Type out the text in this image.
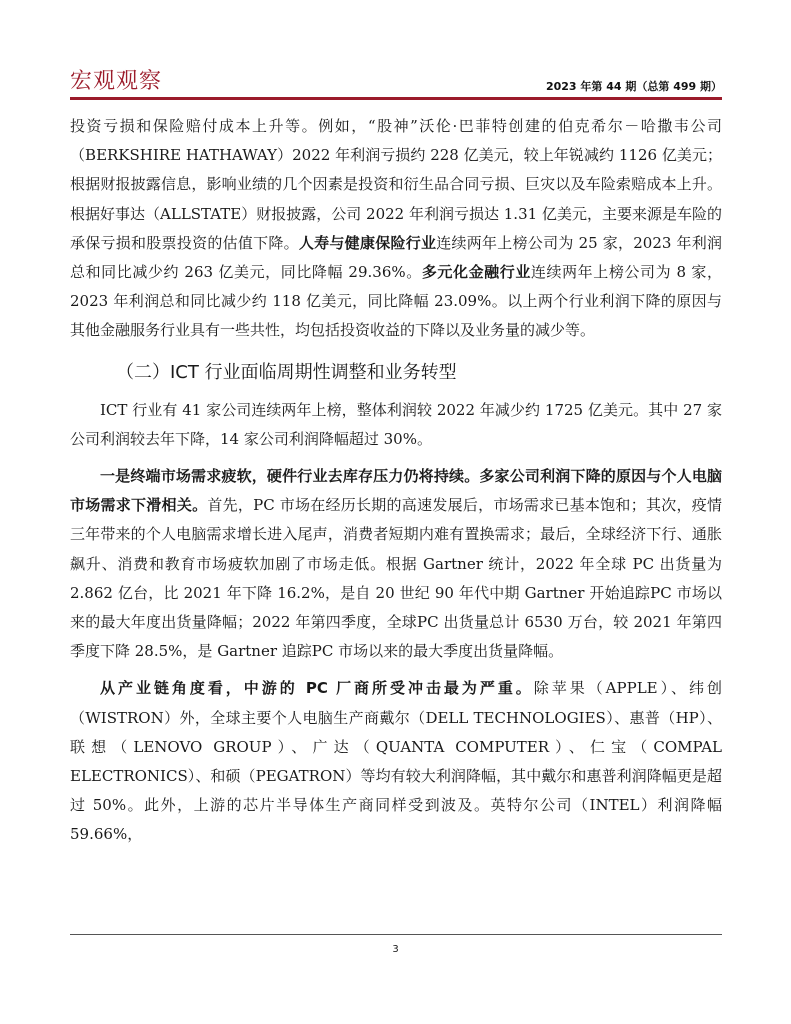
宏观观察	2023 年第 44 期（总第 499 期）

投资亏损和保险赔付成本上升等。例如，“股神”沃伦·巴菲特创建的伯克希尔－哈撒韦公司（BERKSHIRE HATHAWAY）2022 年利润亏损约 228 亿美元，较上年锐减约 1126 亿美元；根据财报披露信息，影响业绩的几个因素是投资和衍生品合同亏损、巨灾以及车险索赔成本上升。根据好事达（ALLSTATE）财报披露，公司 2022 年利润亏损达 1.31 亿美元，主要来源是车险的承保亏损和股票投资的估值下降。人寿与健康保险行业连续两年上榜公司为 25 家，2023 年利润总和同比减少约 263 亿美元，同比降幅 29.36%。多元化金融行业连续两年上榜公司为 8 家，2023 年利润总和同比减少约 118 亿美元，同比降幅 23.09%。以上两个行业利润下降的原因与其他金融服务行业具有一些共性，均包括投资收益的下降以及业务量的减少等。

（二）ICT 行业面临周期性调整和业务转型

ICT 行业有 41 家公司连续两年上榜，整体利润较 2022 年减少约 1725 亿美元。其中 27 家公司利润较去年下降，14 家公司利润降幅超过 30%。

一是终端市场需求疲软，硬件行业去库存压力仍将持续。多家公司利润下降的原因与个人电脑市场需求下滑相关。首先，PC 市场在经历长期的高速发展后，市场需求已基本饱和；其次，疫情三年带来的个人电脑需求增长进入尾声，消费者短期内难有置换需求；最后，全球经济下行、通胀飙升、消费和教育市场疲软加剧了市场走低。根据 Gartner 统计，2022 年全球 PC 出货量为 2.862 亿台，比 2021 年下降 16.2%，是自 20 世纪 90 年代中期 Gartner 开始追踪PC 市场以来的最大年度出货量降幅；2022 年第四季度，全球PC 出货量总计 6530 万台，较 2021 年第四季度下降 28.5%，是 Gartner 追踪PC 市场以来的最大季度出货量降幅。

从产业链角度看，中游的 PC 厂商所受冲击最为严重。除苹果（APPLE）、纬创（WISTRON）外，全球主要个人电脑生产商戴尔（DELL TECHNOLOGIES）、惠普（HP）、联想（LENOVO GROUP）、广达（QUANTA COMPUTER）、仁宝（COMPAL ELECTRONICS）、和硕（PEGATRON）等均有较大利润降幅，其中戴尔和惠普利润降幅更是超过 50%。此外，上游的芯片半导体生产商同样受到波及。英特尔公司（INTEL）利润降幅 59.66%，

3
